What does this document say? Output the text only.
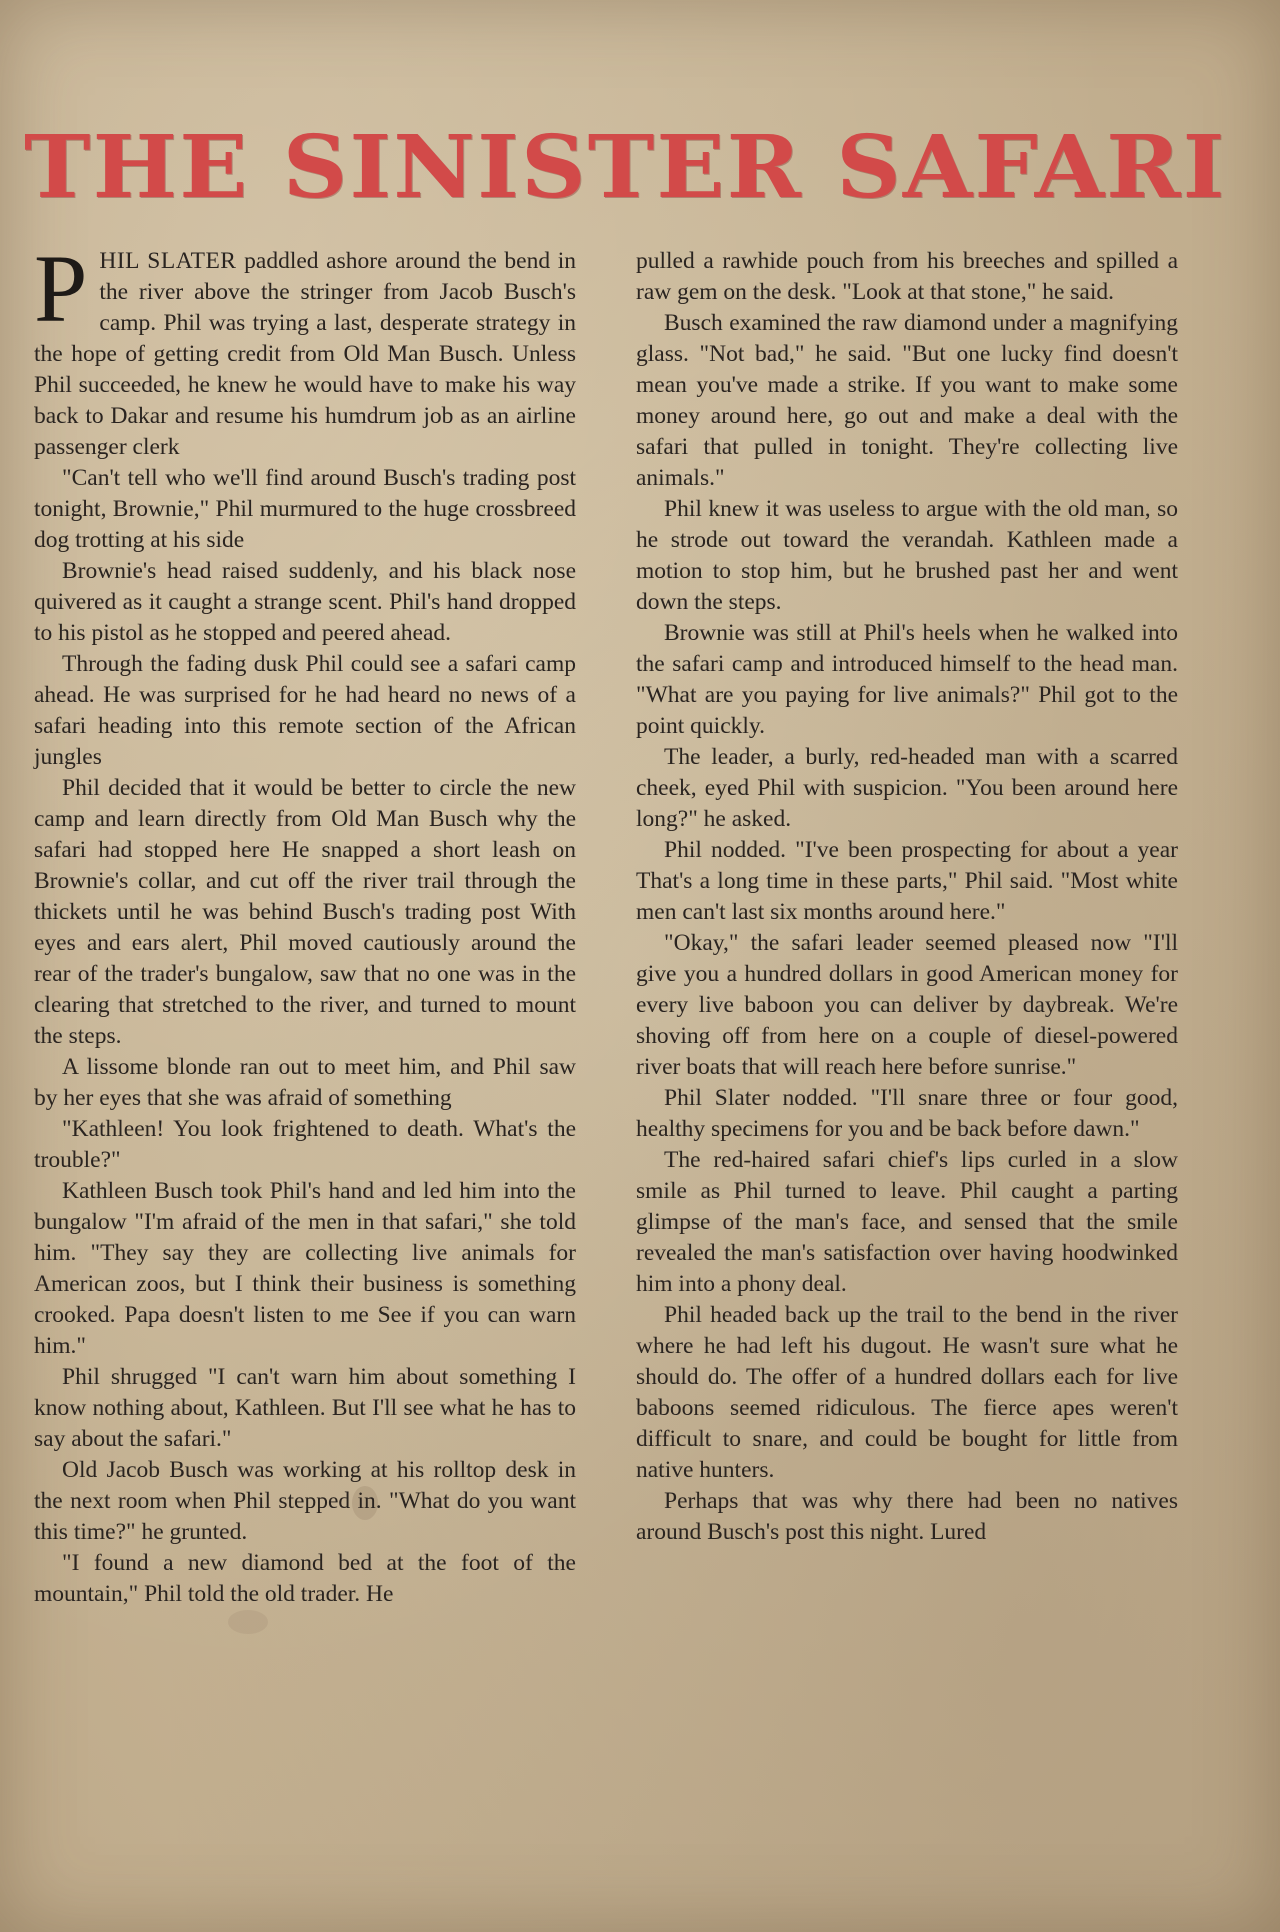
THE SINISTER SAFARI

PHIL SLATER paddled ashore around the bend in the river above the stringer from Jacob Busch's camp. Phil was trying a last, desperate strategy in the hope of getting credit from Old Man Busch. Unless Phil succeeded, he knew he would have to make his way back to Dakar and resume his humdrum job as an airline passenger clerk

"Can't tell who we'll find around Busch's trading post tonight, Brownie," Phil murmured to the huge crossbreed dog trotting at his side

Brownie's head raised suddenly, and his black nose quivered as it caught a strange scent. Phil's hand dropped to his pistol as he stopped and peered ahead.

Through the fading dusk Phil could see a safari camp ahead. He was surprised for he had heard no news of a safari heading into this remote section of the African jungles

Phil decided that it would be better to circle the new camp and learn directly from Old Man Busch why the safari had stopped here He snapped a short leash on Brownie's collar, and cut off the river trail through the thickets until he was behind Busch's trading post With eyes and ears alert, Phil moved cautiously around the rear of the trader's bungalow, saw that no one was in the clearing that stretched to the river, and turned to mount the steps.

A lissome blonde ran out to meet him, and Phil saw by her eyes that she was afraid of something

"Kathleen! You look frightened to death. What's the trouble?"

Kathleen Busch took Phil's hand and led him into the bungalow "I'm afraid of the men in that safari," she told him. "They say they are collecting live animals for American zoos, but I think their business is something crooked. Papa doesn't listen to me See if you can warn him."

Phil shrugged "I can't warn him about something I know nothing about, Kathleen. But I'll see what he has to say about the safari."

Old Jacob Busch was working at his rolltop desk in the next room when Phil stepped in. "What do you want this time?" he grunted.

"I found a new diamond bed at the foot of the mountain," Phil told the old trader. He

pulled a rawhide pouch from his breeches and spilled a raw gem on the desk. "Look at that stone," he said.

Busch examined the raw diamond under a magnifying glass. "Not bad," he said. "But one lucky find doesn't mean you've made a strike. If you want to make some money around here, go out and make a deal with the safari that pulled in tonight. They're collecting live animals."

Phil knew it was useless to argue with the old man, so he strode out toward the verandah. Kathleen made a motion to stop him, but he brushed past her and went down the steps.

Brownie was still at Phil's heels when he walked into the safari camp and introduced himself to the head man. "What are you paying for live animals?" Phil got to the point quickly.

The leader, a burly, red-headed man with a scarred cheek, eyed Phil with suspicion. "You been around here long?" he asked.

Phil nodded. "I've been prospecting for about a year That's a long time in these parts," Phil said. "Most white men can't last six months around here."

"Okay," the safari leader seemed pleased now "I'll give you a hundred dollars in good American money for every live baboon you can deliver by daybreak. We're shoving off from here on a couple of diesel-powered river boats that will reach here before sunrise."

Phil Slater nodded. "I'll snare three or four good, healthy specimens for you and be back before dawn."

The red-haired safari chief's lips curled in a slow smile as Phil turned to leave. Phil caught a parting glimpse of the man's face, and sensed that the smile revealed the man's satisfaction over having hoodwinked him into a phony deal.

Phil headed back up the trail to the bend in the river where he had left his dugout. He wasn't sure what he should do. The offer of a hundred dollars each for live baboons seemed ridiculous. The fierce apes weren't difficult to snare, and could be bought for little from native hunters.

Perhaps that was why there had been no natives around Busch's post this night. Lured
